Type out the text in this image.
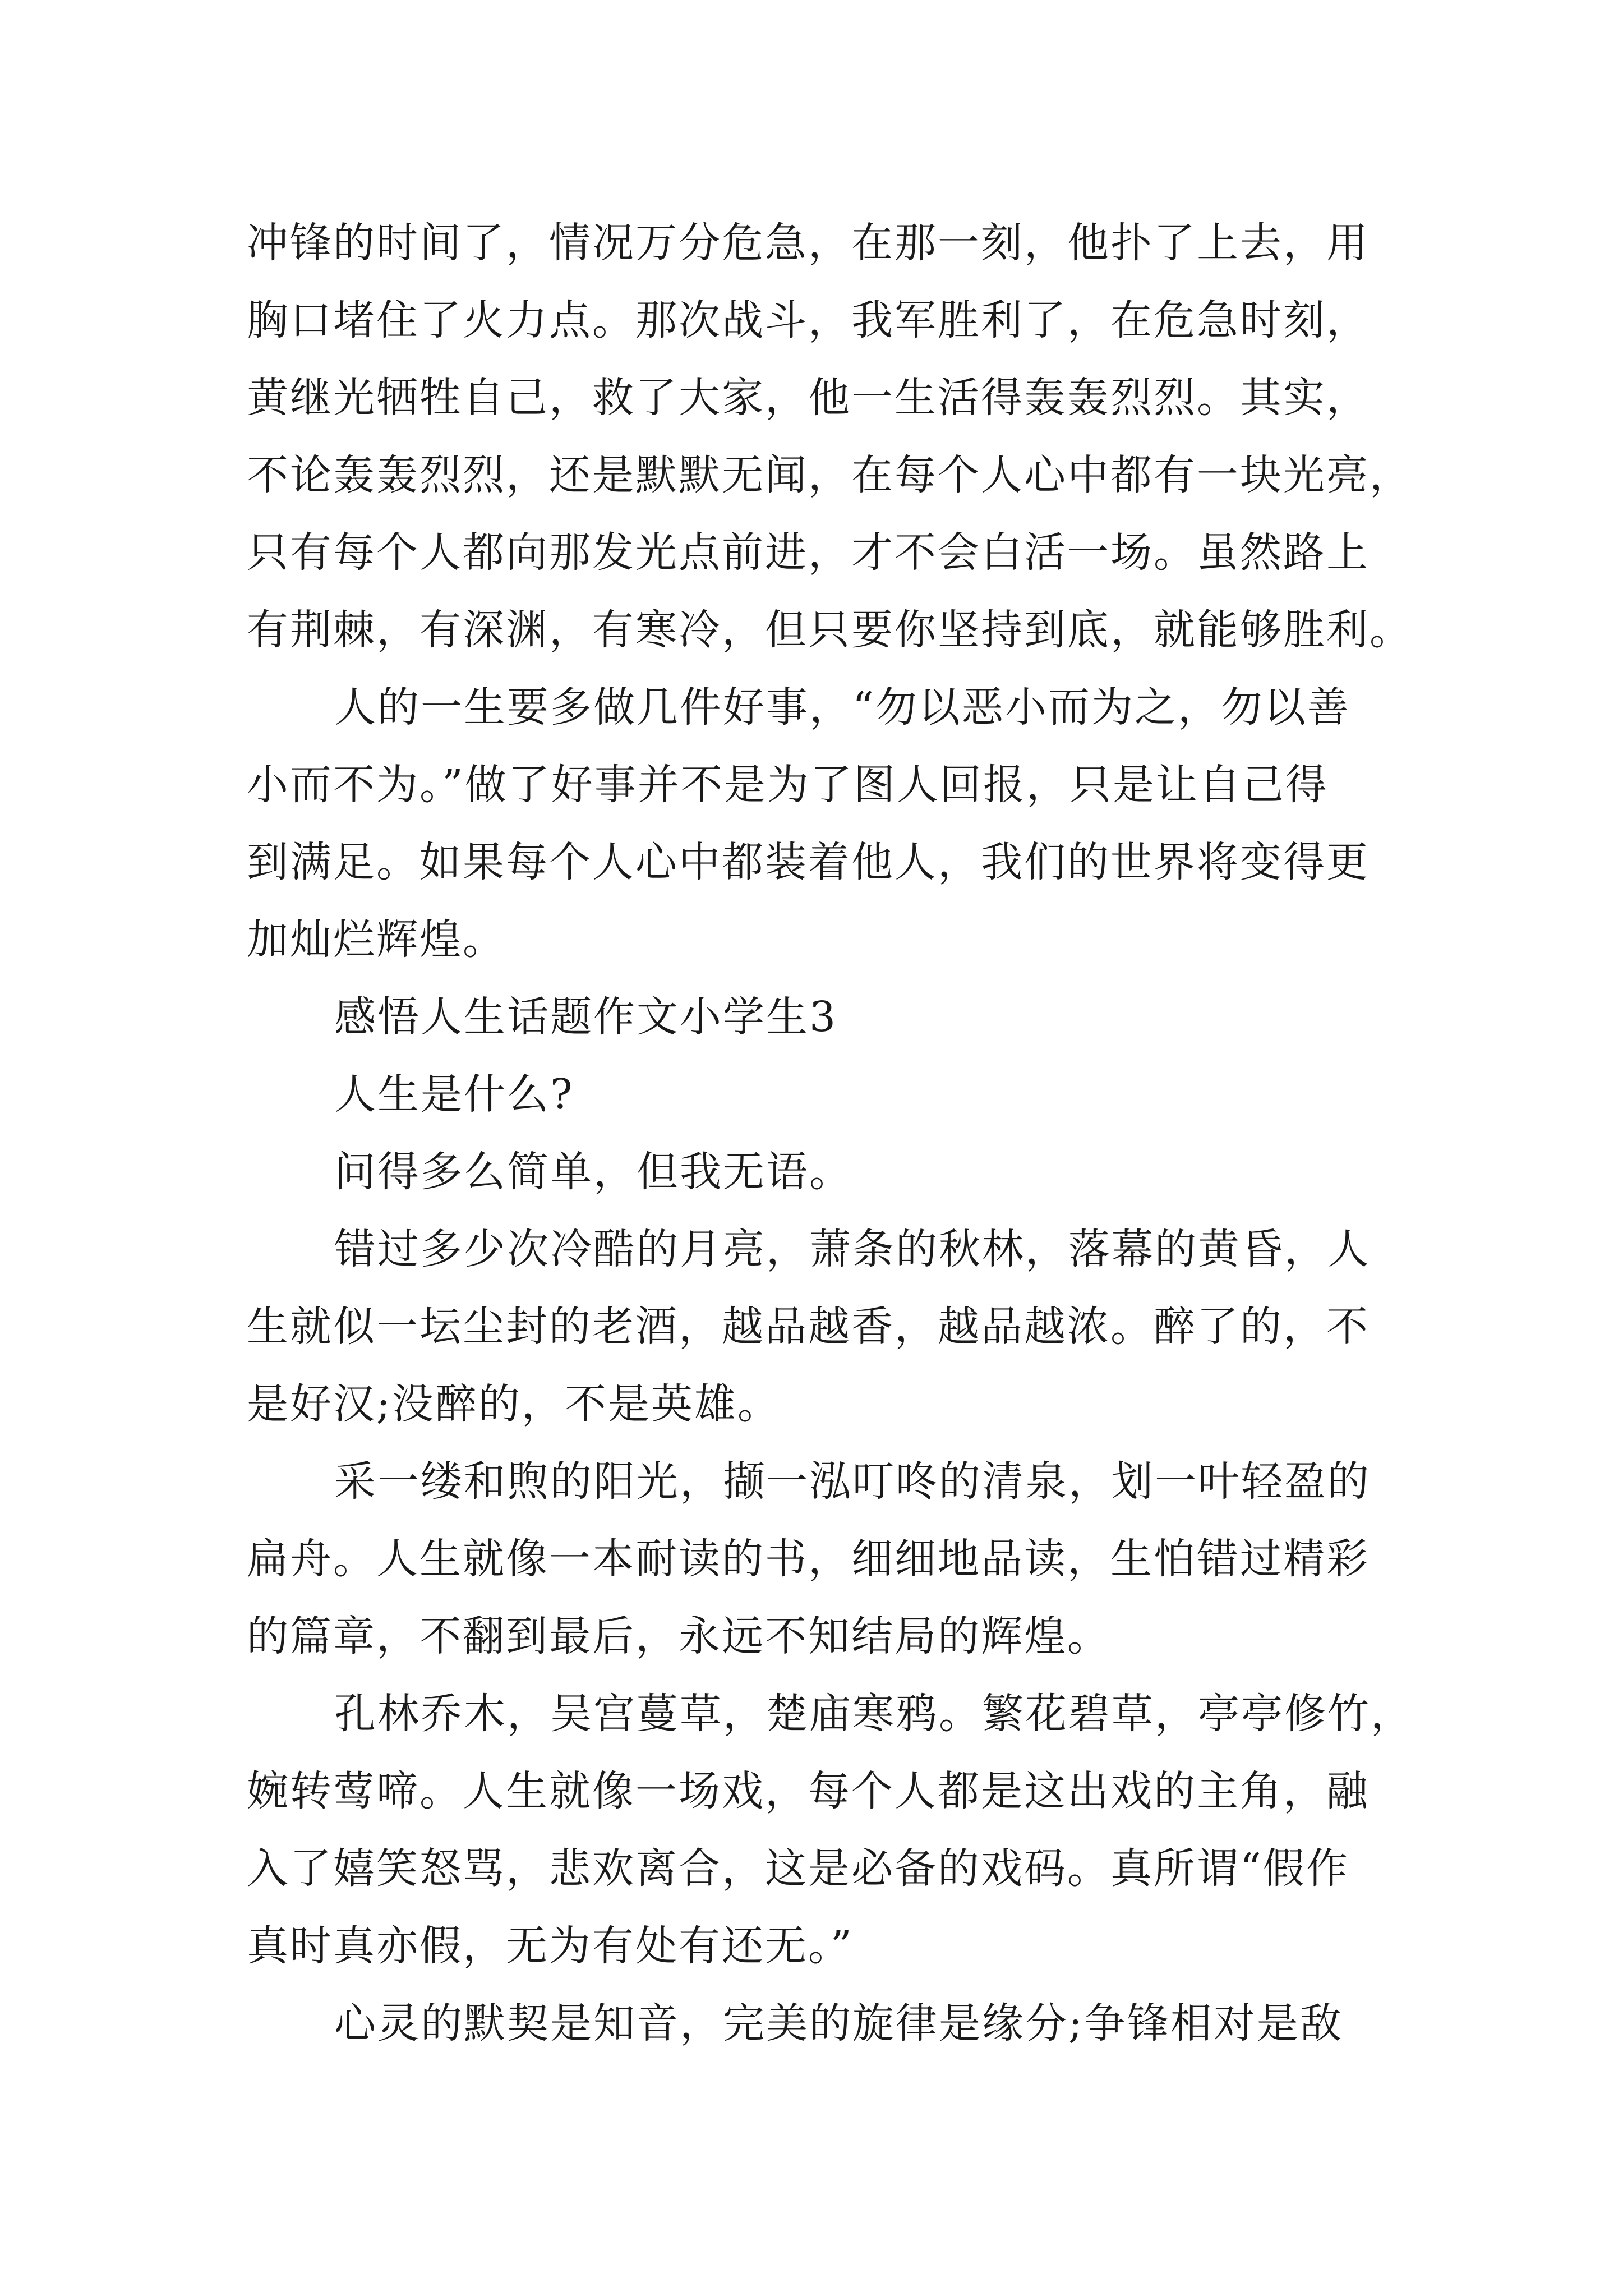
冲锋的时间了，情况万分危急，在那一刻，他扑了上去，用
胸口堵住了火力点。那次战斗，我军胜利了，在危急时刻，
黄继光牺牲自己，救了大家，他一生活得轰轰烈烈。其实，
不论轰轰烈烈，还是默默无闻，在每个人心中都有一块光亮，
只有每个人都向那发光点前进，才不会白活一场。虽然路上
有荆棘，有深渊，有寒冷，但只要你坚持到底，就能够胜利。
人的一生要多做几件好事，“勿以恶小而为之，勿以善
小而不为。”做了好事并不是为了图人回报，只是让自己得
到满足。如果每个人心中都装着他人，我们的世界将变得更
加灿烂辉煌。
感悟人生话题作文小学生3
人生是什么?
问得多么简单，但我无语。
错过多少次冷酷的月亮，萧条的秋林，落幕的黄昏，人
生就似一坛尘封的老酒，越品越香，越品越浓。醉了的，不
是好汉;没醉的，不是英雄。
采一缕和煦的阳光，撷一泓叮咚的清泉，划一叶轻盈的
扁舟。人生就像一本耐读的书，细细地品读，生怕错过精彩
的篇章，不翻到最后，永远不知结局的辉煌。
孔林乔木，吴宫蔓草，楚庙寒鸦。繁花碧草，亭亭修竹，
婉转莺啼。人生就像一场戏，每个人都是这出戏的主角，融
入了嬉笑怒骂，悲欢离合，这是必备的戏码。真所谓“假作
真时真亦假，无为有处有还无。”
心灵的默契是知音，完美的旋律是缘分;争锋相对是敌
